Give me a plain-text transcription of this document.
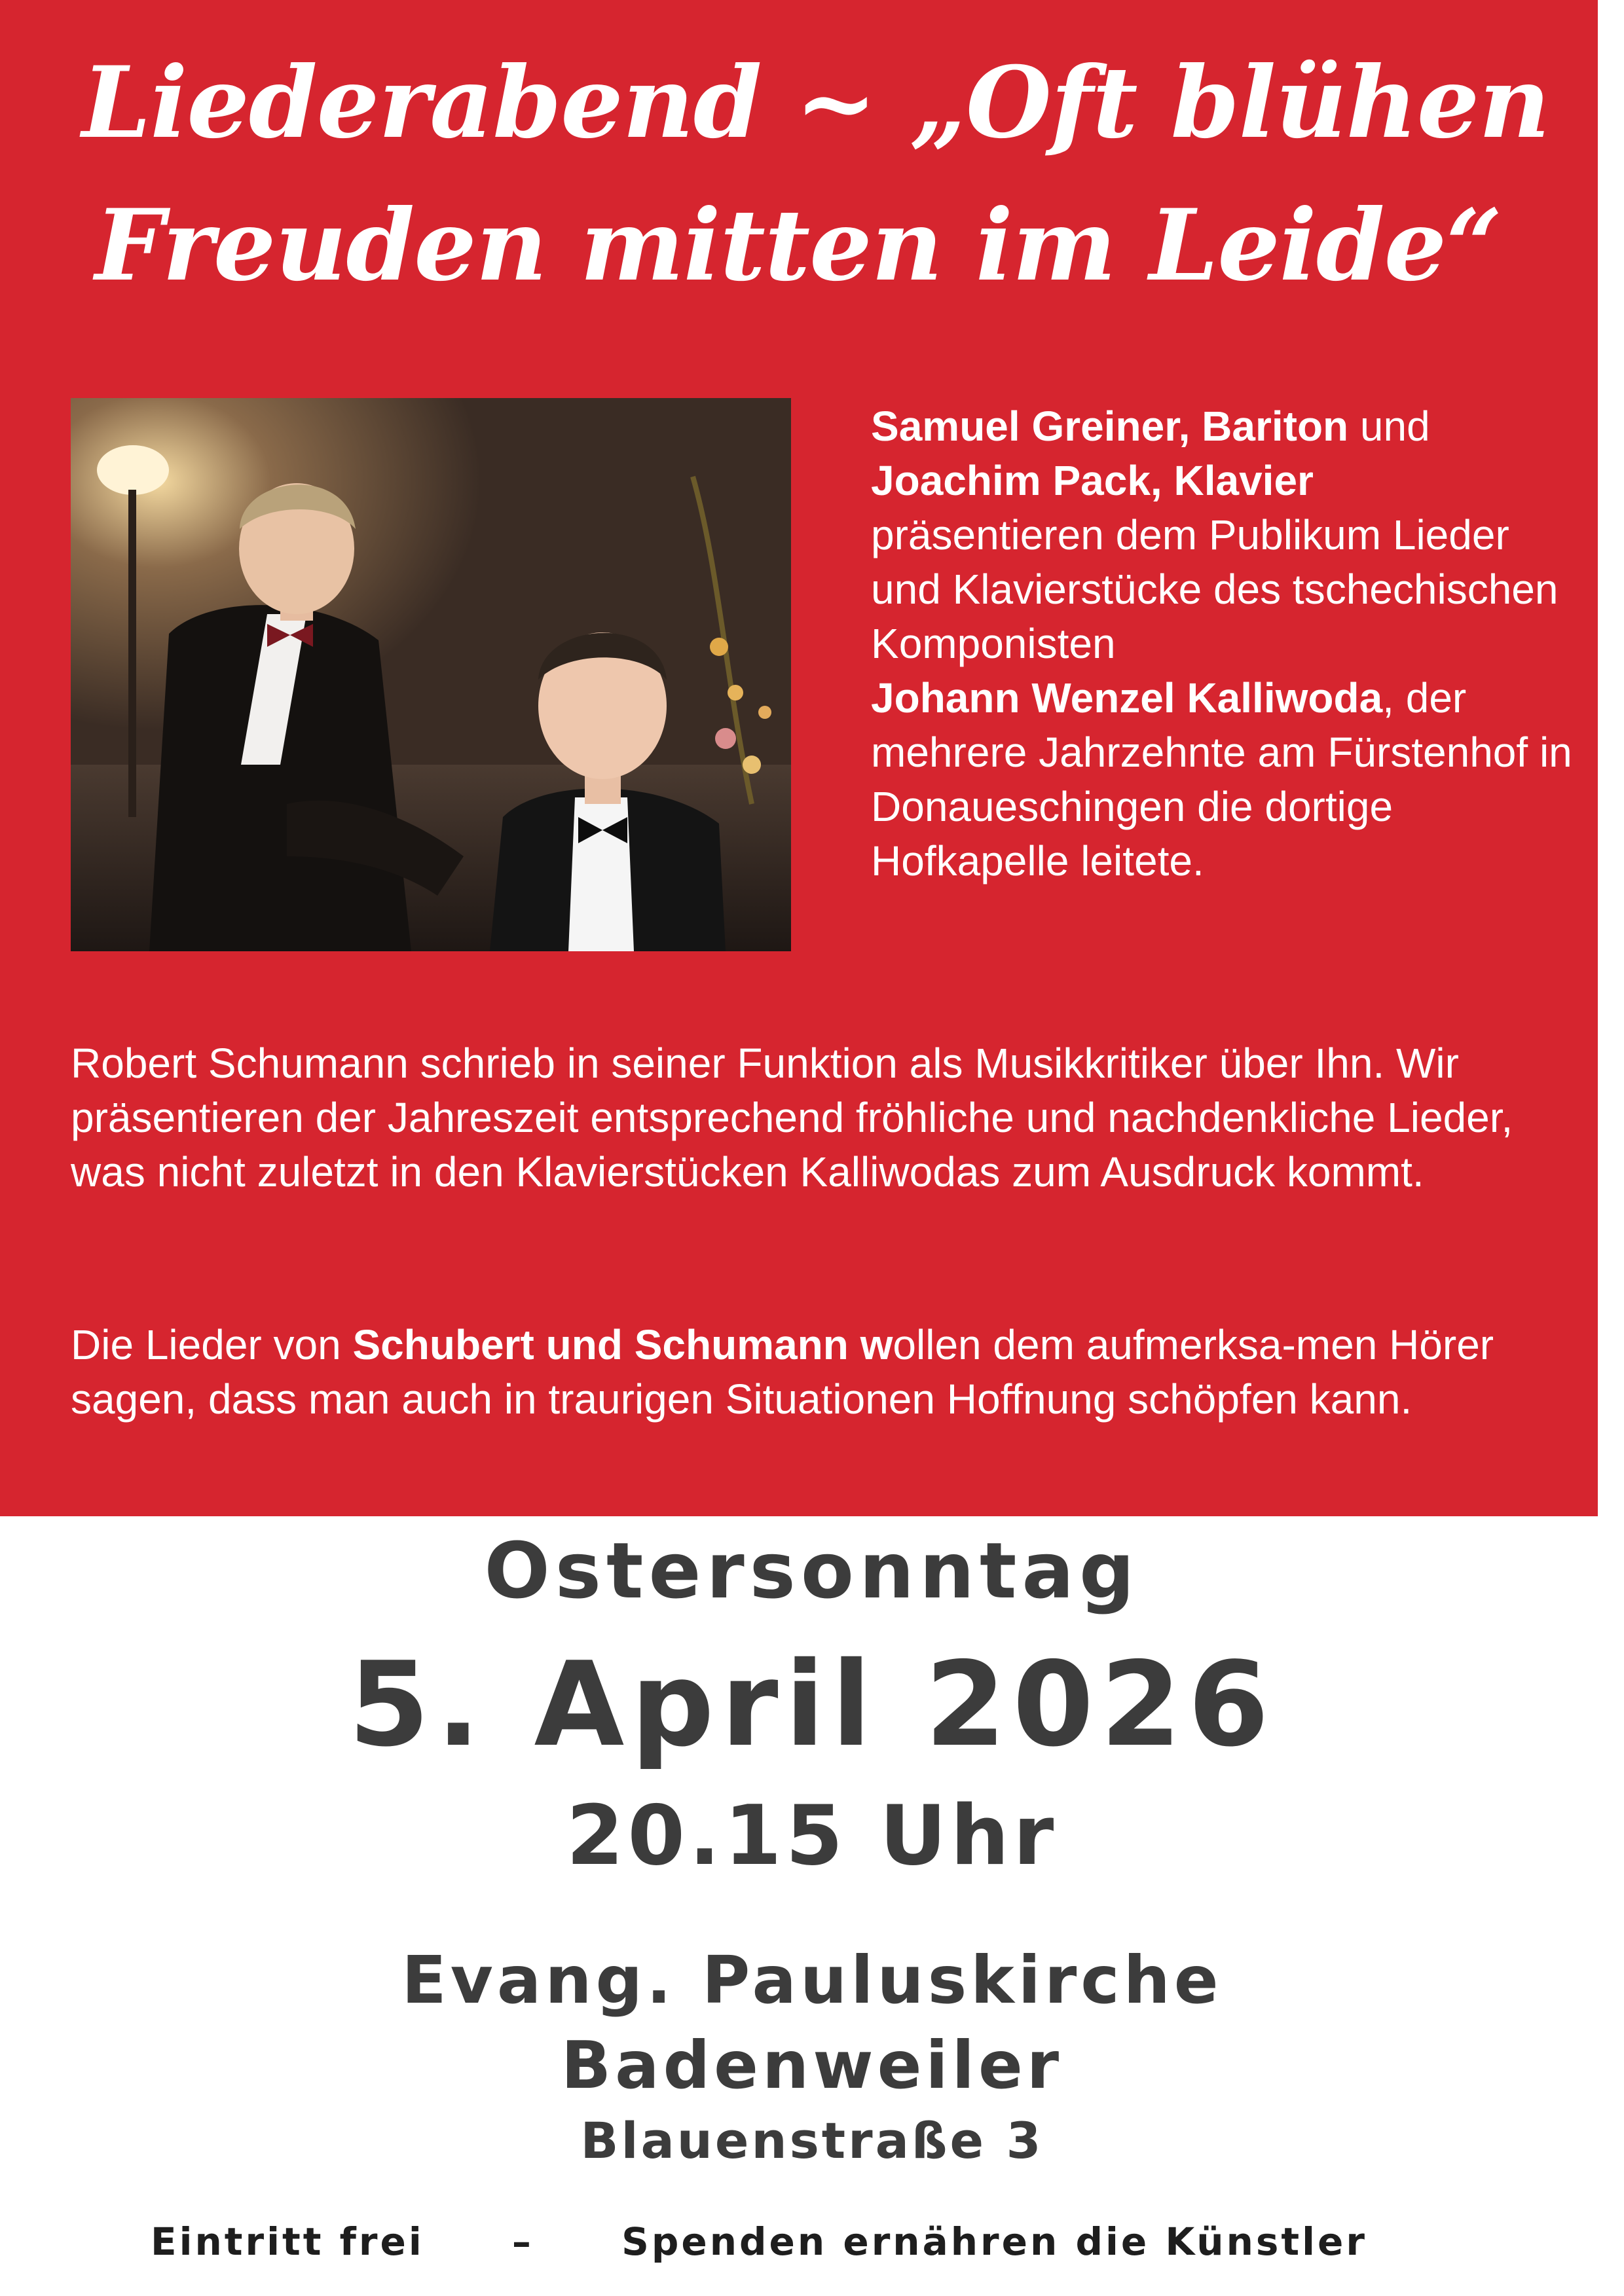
Liederabend ~ „Oft blühen
Freuden mitten im Leide“
Samuel Greiner, Bariton und
Joachim Pack, Klavier
präsentieren dem Publikum Lieder und Klavierstücke des tschechischen Komponisten
Johann Wenzel Kalliwoda, der mehrere Jahrzehnte am Fürstenhof in Donaueschingen die dortige Hofkapelle leitete.
Robert Schumann schrieb in seiner Funktion als Musikkritiker über Ihn. Wir präsentieren der Jahreszeit entsprechend fröhliche und nachdenkliche Lieder, was nicht zuletzt in den Klavierstücken Kalliwodas zum Ausdruck kommt.
Die Lieder von Schubert und Schumann wollen dem aufmerksa-men Hörer sagen, dass man auch in traurigen Situationen Hoffnung schöpfen kann.
Ostersonntag
5. April 2026
20.15 Uhr
Evang. Pauluskirche
Badenweiler
Blauenstraße 3
Eintritt frei – Spenden ernähren die Künstler
